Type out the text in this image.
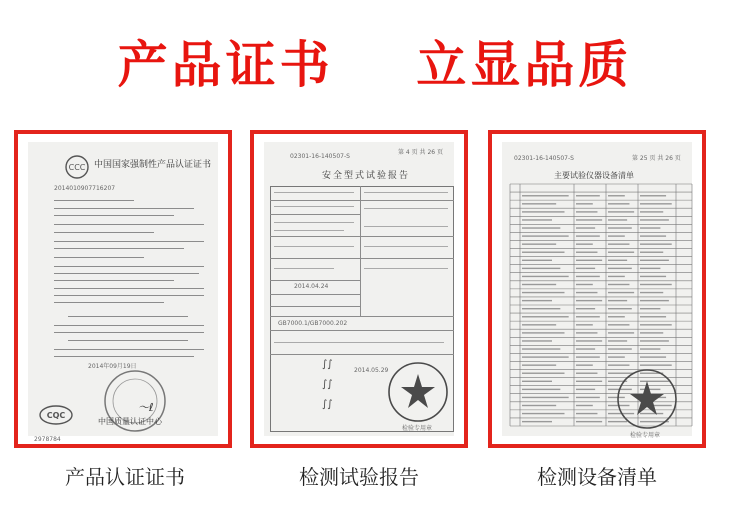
产品证书 立显品质
CCC 中国国家强制性产品认证证书
2014010907716207
2014年09月19日
CQC
〜ℓ
中国质量认证中心
2978784
产品认证证书
02301-16-140507-S
第 4 页 共 26 页
安全型式试验报告
2014.04.24
GB7000.1/GB7000.202
2014.05.29
∫∫
∫∫
∫∫
检验专用章
检测试验报告
02301-16-140507-S	第 25 页 共 26 页
主要试验仪器设备清单
检验专用章
检测设备清单
